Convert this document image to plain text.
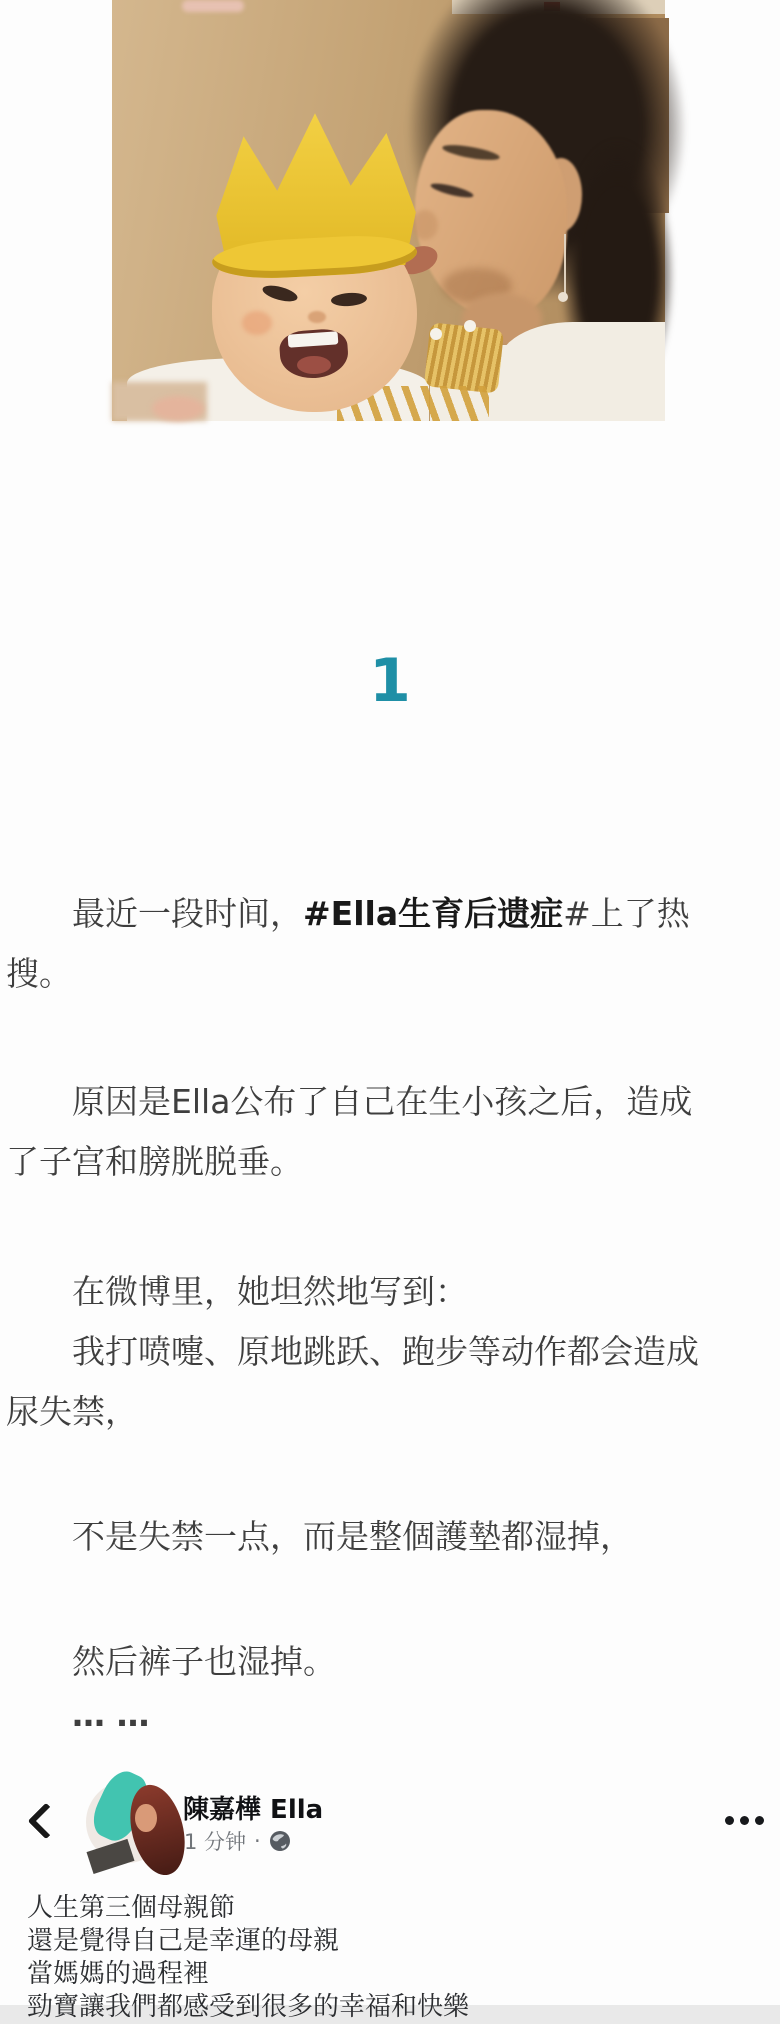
1

  最近一段时间，#Ella生育后遗症#上了热
搜。

  原因是Ella公布了自己在生小孩之后，造成
了子宫和膀胱脱垂。

  在微博里，她坦然地写到：
  我打喷嚏、原地跳跃、跑步等动作都会造成
尿失禁，

  不是失禁一点，而是整個護墊都湿掉，

  然后裤子也湿掉。

  … …

陳嘉樺 Ella
1 分钟 ·
人生第三個母親節
還是覺得自己是幸運的母親
當媽媽的過程裡
勁寶讓我們都感受到很多的幸福和快樂
